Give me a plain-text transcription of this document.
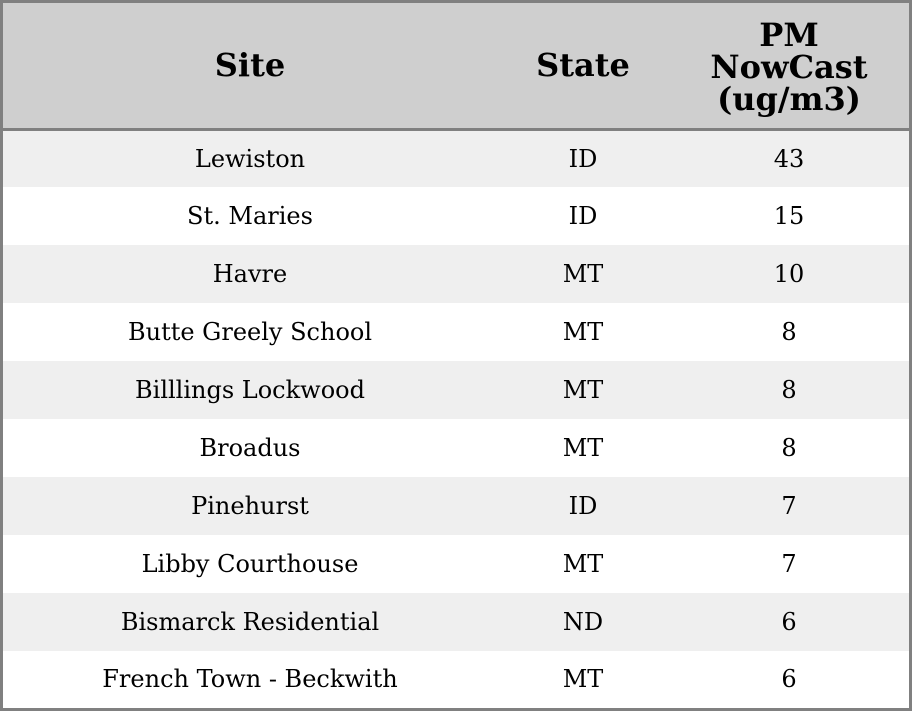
Site	State	PM
NowCast
(ug/m3)

Lewiston	ID	43
St. Maries	ID	15
Havre	MT	10
Butte Greely School	MT	8
Billlings Lockwood	MT	8
Broadus	MT	8
Pinehurst	ID	7
Libby Courthouse	MT	7
Bismarck Residential	ND	6
French Town - Beckwith	MT	6
